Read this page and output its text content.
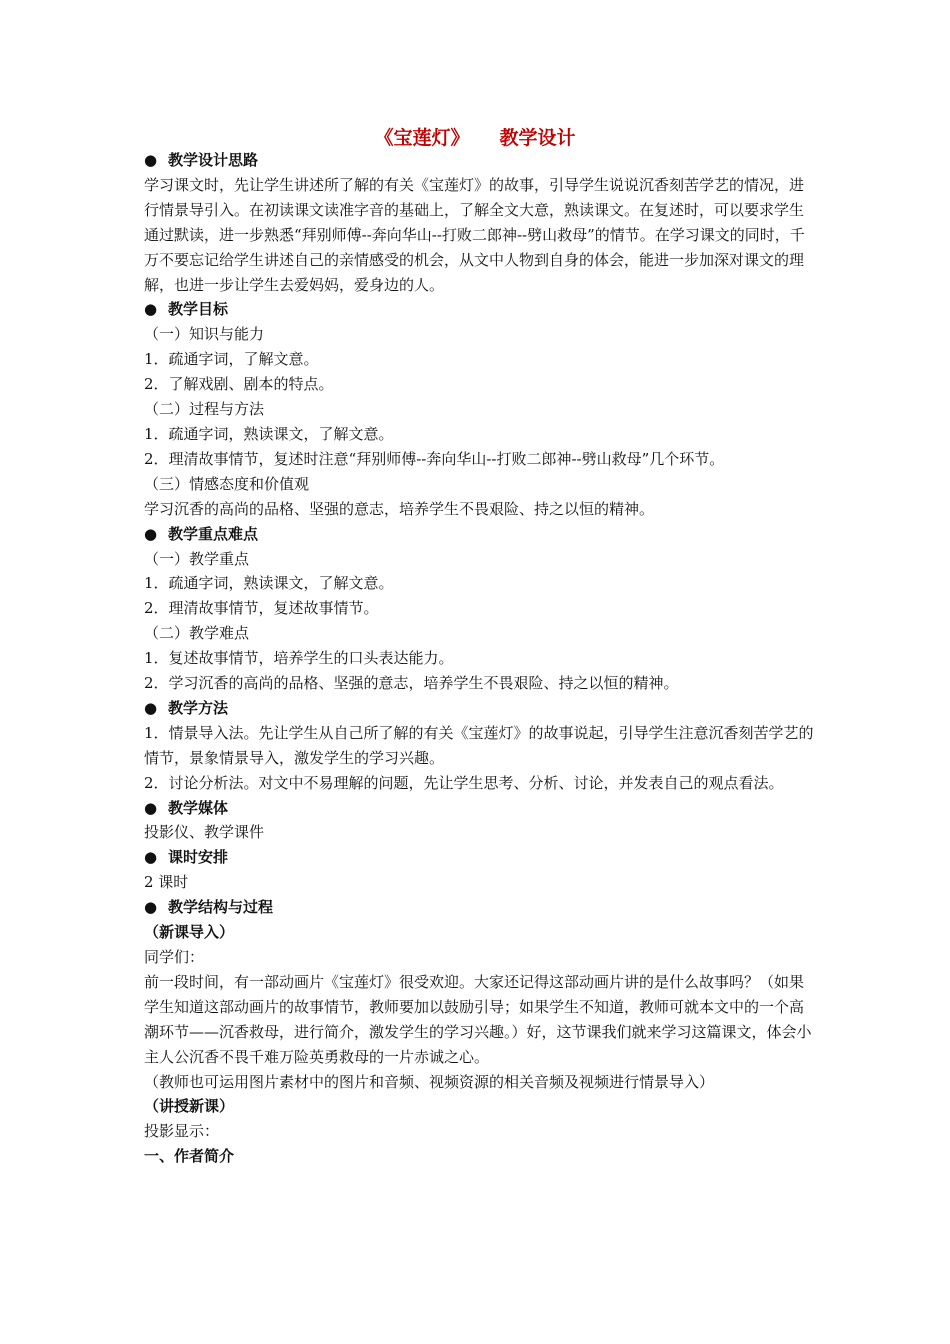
《宝莲灯》 教学设计
● 教学设计思路
学习课文时，先让学生讲述所了解的有关《宝莲灯》的故事，引导学生说说沉香刻苦学艺的情况，进行情景导引入。在初读课文读准字音的基础上，了解全文大意，熟读课文。在复述时，可以要求学生通过默读，进一步熟悉“拜别师傅--奔向华山--打败二郎神--劈山救母”的情节。在学习课文的同时，千万不要忘记给学生讲述自己的亲情感受的机会，从文中人物到自身的体会，能进一步加深对课文的理解，也进一步让学生去爱妈妈，爱身边的人。
● 教学目标
（一）知识与能力
1．疏通字词，了解文意。
2．了解戏剧、剧本的特点。
（二）过程与方法
1．疏通字词，熟读课文，了解文意。
2．理清故事情节，复述时注意“拜别师傅--奔向华山--打败二郎神--劈山救母”几个环节。
（三）情感态度和价值观
学习沉香的高尚的品格、坚强的意志，培养学生不畏艰险、持之以恒的精神。
● 教学重点难点
（一）教学重点
1．疏通字词，熟读课文，了解文意。
2．理清故事情节，复述故事情节。
（二）教学难点
1．复述故事情节，培养学生的口头表达能力。
2．学习沉香的高尚的品格、坚强的意志，培养学生不畏艰险、持之以恒的精神。
● 教学方法
1．情景导入法。先让学生从自己所了解的有关《宝莲灯》的故事说起，引导学生注意沉香刻苦学艺的情节，景象情景导入，激发学生的学习兴趣。
2．讨论分析法。对文中不易理解的问题，先让学生思考、分析、讨论，并发表自己的观点看法。
● 教学媒体
投影仪、教学课件
● 课时安排
2 课时
● 教学结构与过程
（新课导入）
同学们：
前一段时间，有一部动画片《宝莲灯》很受欢迎。大家还记得这部动画片讲的是什么故事吗？（如果学生知道这部动画片的故事情节，教师要加以鼓励引导；如果学生不知道，教师可就本文中的一个高潮环节——沉香救母，进行简介，激发学生的学习兴趣。）好，这节课我们就来学习这篇课文，体会小主人公沉香不畏千难万险英勇救母的一片赤诚之心。
（教师也可运用图片素材中的图片和音频、视频资源的相关音频及视频进行情景导入）
（讲授新课）
投影显示：
一、作者简介
